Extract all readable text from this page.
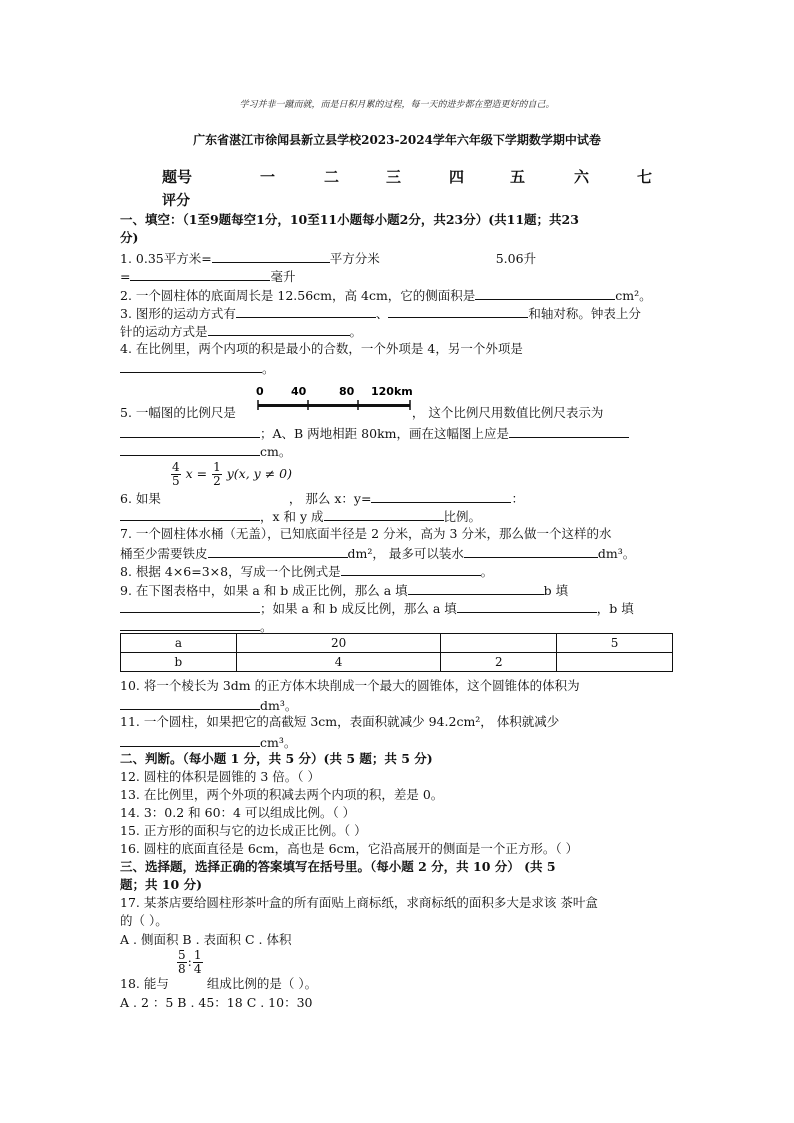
学习并非一蹴而就，而是日积月累的过程，每一天的进步都在塑造更好的自己。
广东省湛江市徐闻县新立县学校2023-2024学年六年级下学期数学期中试卷
题号	一	二	三	四	五	六	七
评分
一、填空：（1至9题每空1分，10至11小题每小题2分，共23分）(共11题；共23
分)
1. 0.35平方米=	平方分米	5.06升
=	毫升
2. 一个圆柱体的底面周长是 12.56cm，高 4cm，它的侧面积是	cm²。
3. 图形的运动方式有	、	和轴对称。钟表上分
针的运动方式是	。
4. 在比例里，两个内项的积是最小的合数，一个外项是 4，另一个外项是
。
0 40	80 120km
5. 一幅图的比例尺是	， 这个比例尺用数值比例尺表示为
；A、B 两地相距 80km，画在这幅图上应是
cm。
$\frac{4}{5}$ $x = \frac{1}{2} y(x$, y ≠ 0)
6. 如果	， 那么 x：y=	：
，x 和 y 成	比例。
7. 一个圆柱体水桶（无盖），已知底面半径是 2 分米，高为 3 分米，那么做一个这样的水
桶至少需要铁皮	dm²， 最多可以装水	dm³。
8. 根据 4×6=3×8，写成一个比例式是	。
9. 在下图表格中，如果 a 和 b 成正比例，那么 a 填	b 填
；如果 a 和 b 成反比例，那么 a 填	，b 填
。
a	20		5
b	4	2	
10. 将一个棱长为 3dm 的正方体木块削成一个最大的圆锥体，这个圆锥体的体积为
dm³。
11. 一个圆柱，如果把它的高截短 3cm，表面积就减少 94.2cm²， 体积就减少
cm³。
二、判断。（每小题 1 分，共 5 分）(共 5 题；共 5 分)
12. 圆柱的体积是圆锥的 3 倍。（ ）
13. 在比例里，两个外项的积减去两个内项的积，差是 0。
14. 3：0.2 和 60：4 可以组成比例。（ ）
15. 正方形的面积与它的边长成正比例。（ ）
16. 圆柱的底面直径是 6cm，高也是 6cm，它沿高展开的侧面是一个正方形。（ ）
三、选择题，选择正确的答案填写在括号里。（每小题 2 分，共 10 分） (共 5
题；共 10 分)
17. 某茶店要给圆柱形茶叶盒的所有面贴上商标纸，求商标纸的面积多大是求该 茶叶盒
的（ ）。
A . 侧面积 B . 表面积 C . 体积
$\frac{5}{8}$ : $\frac{1}{4}$
18. 能与	组成比例的是（ ）。
A . 2 ：5 B . 45：18 C . 10：30
